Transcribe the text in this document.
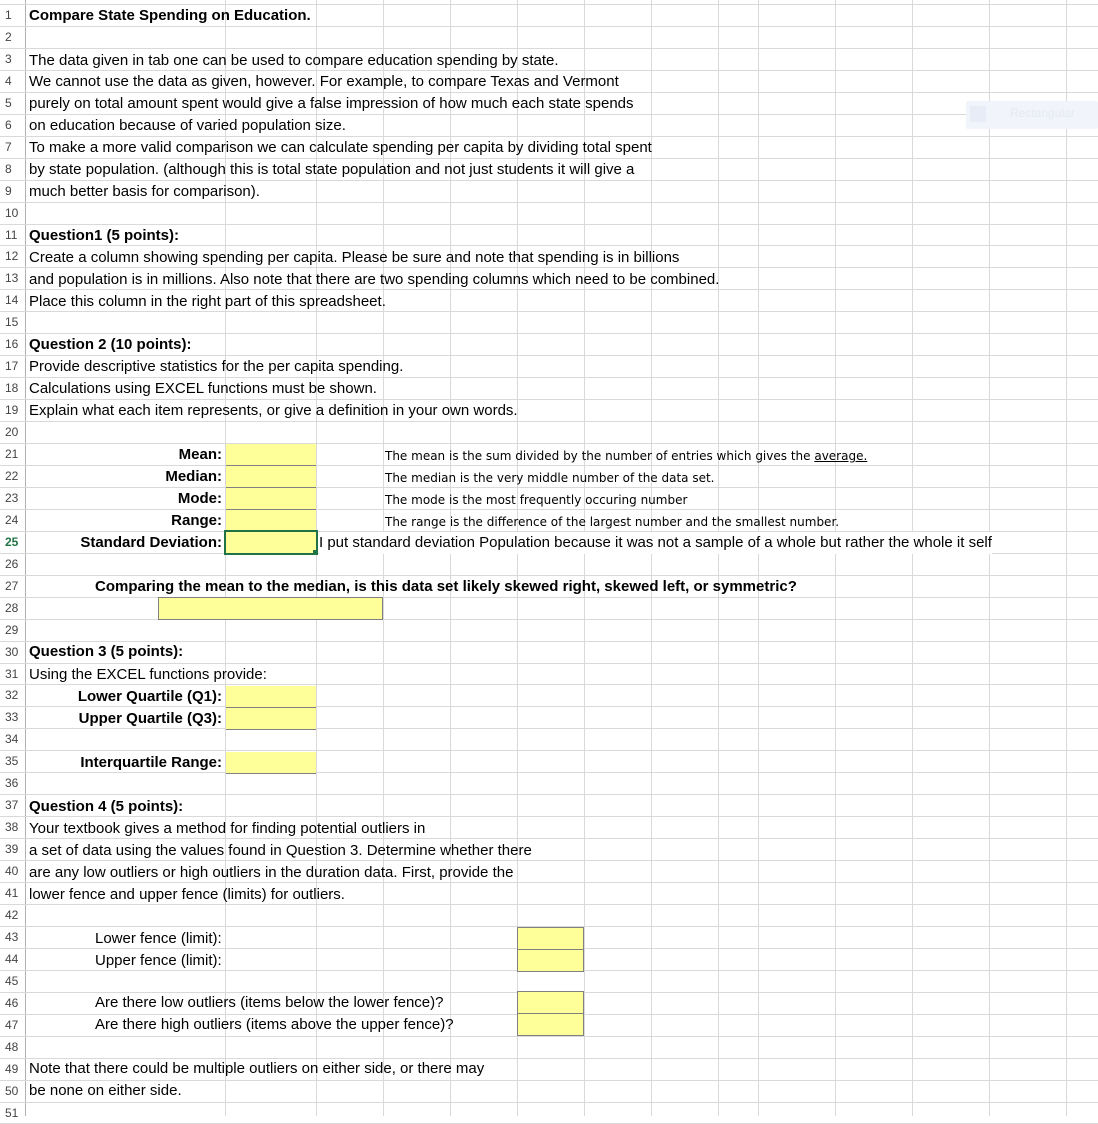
1
2
3
4
5
6
7
8
9
10
11
12
13
14
15
16
17
18
19
20
21
22
23
24
25
26
27
28
29
30
31
32
33
34
35
36
37
38
39
40
41
42
43
44
45
46
47
48
49
50
51
Rectangular
Compare State Spending on Education.
The data given in tab one can be used to compare education spending by state.
We cannot use the data as given, however. For example, to compare Texas and Vermont
purely on total amount spent would give a false impression of how much each state spends
on education because of varied population size.
To make a more valid comparison we can calculate spending per capita by dividing total spent
by state population. (although this is total state population and not just students it will give a
much better basis for comparison).
Question1 (5 points):
Create a column showing spending per capita. Please be sure and note that spending is in billions
and population is in millions. Also note that there are two spending columns which need to be combined.
Place this column in the right part of this spreadsheet.
Question 2 (10 points):
Provide descriptive statistics for the per capita spending.
Calculations using EXCEL functions must be shown.
Explain what each item represents, or give a definition in your own words.
Mean:
Median:
Mode:
Range:
Standard Deviation:
The mean is the sum divided by the number of entries which gives the average.
The median is the very middle number of the data set.
The mode is the most frequently occuring number
The range is the difference of the largest number and the smallest number.
I put standard deviation Population because it was not a sample of a whole but rather the whole it self
Comparing the mean to the median, is this data set likely skewed right, skewed left, or symmetric?
Question 3 (5 points):
Using the EXCEL functions provide:
Lower Quartile (Q1):
Upper Quartile (Q3):
Interquartile Range:
Question 4 (5 points):
Your textbook gives a method for finding potential outliers in
a set of data using the values found in Question 3. Determine whether there
are any low outliers or high outliers in the duration data. First, provide the
lower fence and upper fence (limits) for outliers.
Lower fence (limit):
Upper fence (limit):
Are there low outliers (items below the lower fence)?
Are there high outliers (items above the upper fence)?
Note that there could be multiple outliers on either side, or there may
be none on either side.
